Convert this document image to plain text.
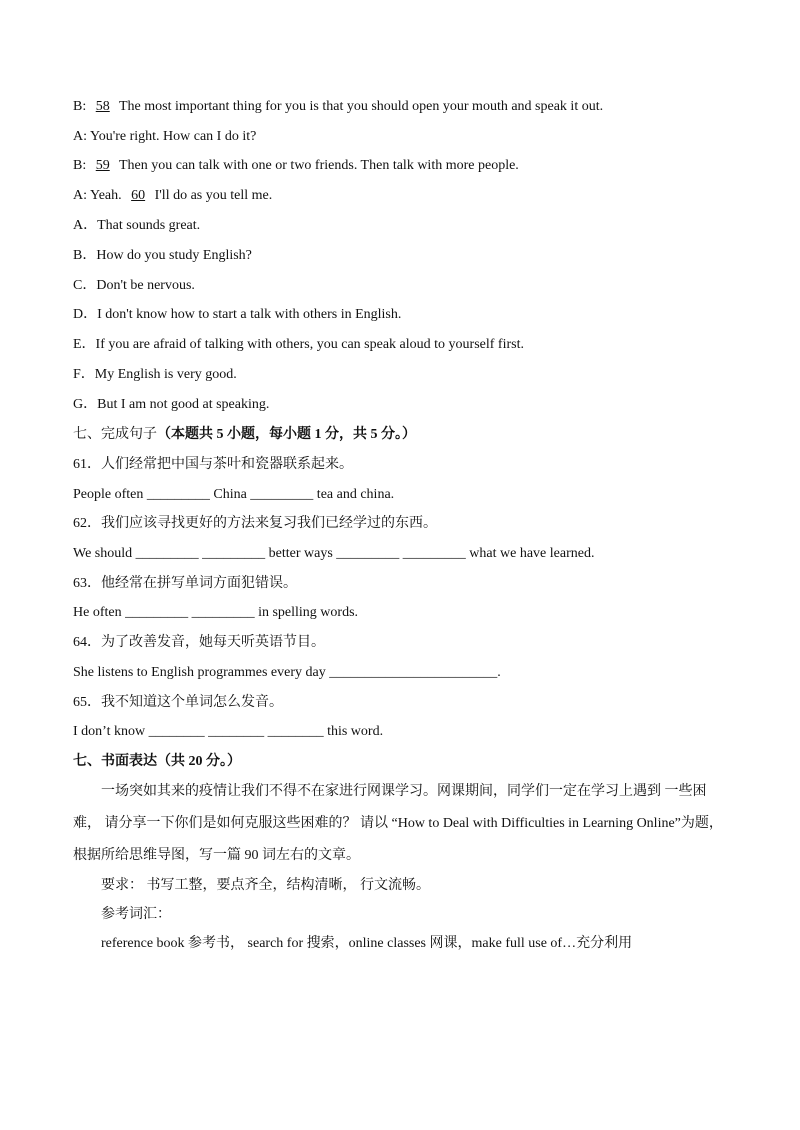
B: 58 The most important thing for you is that you should open your mouth and speak it out.
A: You're right. How can I do it?
B: 59 Then you can talk with one or two friends. Then talk with more people.
A: Yeah. 60 I'll do as you tell me.
A．That sounds great.
B．How do you study English?
C．Don't be nervous.
D．I don't know how to start a talk with others in English.
E．If you are afraid of talking with others, you can speak aloud to yourself first.
F．My English is very good.
G．But I am not good at speaking.
七、完成句子（本题共 5 小题，每小题 1 分，共 5 分。）
61．人们经常把中国与茶叶和瓷器联系起来。
People often _________ China _________ tea and china.
62．我们应该寻找更好的方法来复习我们已经学过的东西。
We should _________ _________ better ways _________ _________ what we have learned.
63．他经常在拼写单词方面犯错误。
He often _________ _________ in spelling words.
64．为了改善发音，她每天听英语节目。
She listens to English programmes every day ________________________.
65．我不知道这个单词怎么发音。
I don’t know ________ ________ ________ this word.
七、书面表达（共 20 分。）
一场突如其来的疫情让我们不得不在家进行网课学习。网课期间，同学们一定在学习上遇到 一些困难， 请分享一下你们是如何克服这些困难的？ 请以 “How to Deal with Difficulties in Learning Online”为题，根据所给思维导图，写一篇 90 词左右的文章。
要求： 书写工整，要点齐全，结构清晰， 行文流畅。
参考词汇：
reference book 参考书， search for 搜索，online classes 网课，make full use of…充分利用
